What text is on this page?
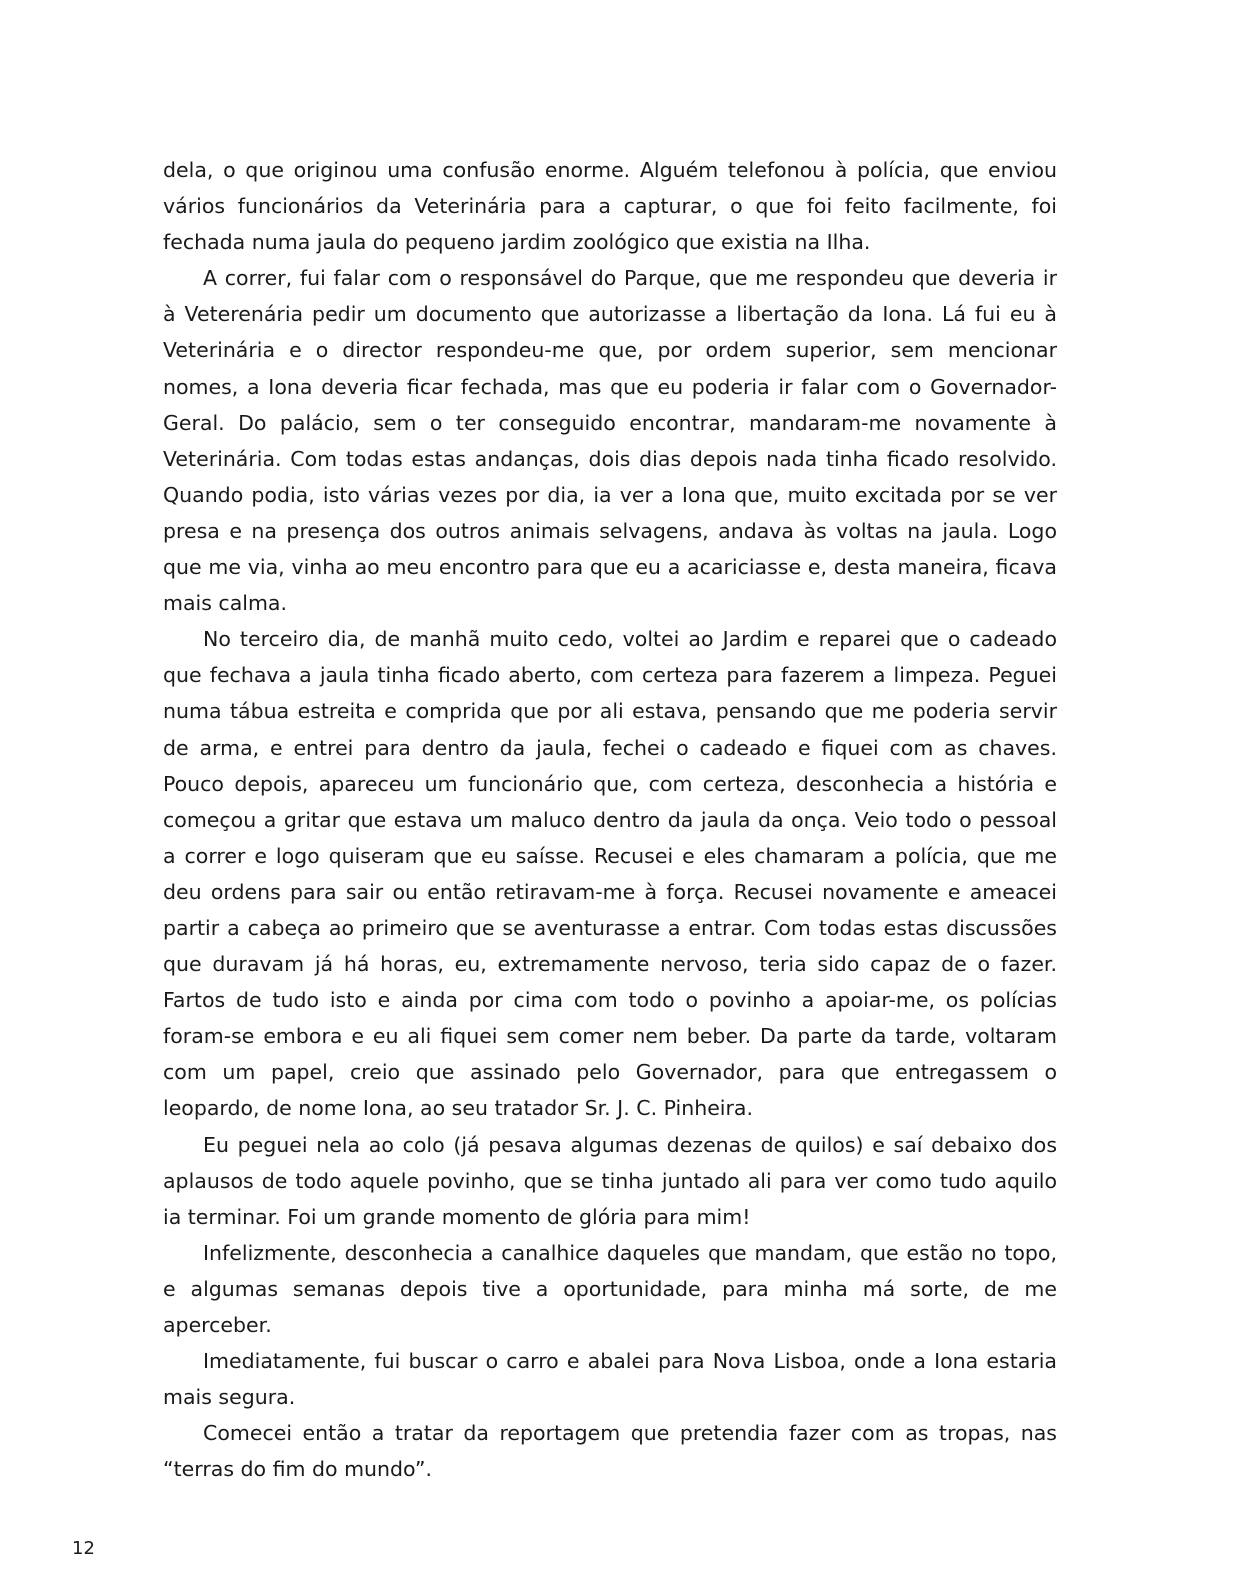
dela, o que originou uma confusão enorme. Alguém telefonou à polícia, que enviou vários funcionários da Veterinária para a capturar, o que foi feito facilmente, foi fechada numa jaula do pequeno jardim zoológico que existia na Ilha.

A correr, fui falar com o responsável do Parque, que me respondeu que deveria ir à Veterenária pedir um documento que autorizasse a libertação da Iona. Lá fui eu à Veterinária e o director respondeu-me que, por ordem superior, sem mencionar nomes, a Iona deveria ficar fechada, mas que eu poderia ir falar com o Governador-Geral. Do palácio, sem o ter conseguido encontrar, mandaram-me novamente à Veterinária. Com todas estas andanças, dois dias depois nada tinha ficado resolvido. Quando podia, isto várias vezes por dia, ia ver a Iona que, muito excitada por se ver presa e na presença dos outros animais selvagens, andava às voltas na jaula. Logo que me via, vinha ao meu encontro para que eu a acariciasse e, desta maneira, ficava mais calma.

No terceiro dia, de manhã muito cedo, voltei ao Jardim e reparei que o cadeado que fechava a jaula tinha ficado aberto, com certeza para fazerem a limpeza. Peguei numa tábua estreita e comprida que por ali estava, pensando que me poderia servir de arma, e entrei para dentro da jaula, fechei o cadeado e fiquei com as chaves. Pouco depois, apareceu um funcionário que, com certeza, desconhecia a história e começou a gritar que estava um maluco dentro da jaula da onça. Veio todo o pessoal a correr e logo quiseram que eu saísse. Recusei e eles chamaram a polícia, que me deu ordens para sair ou então retiravam-me à força. Recusei novamente e ameacei partir a cabeça ao primeiro que se aventurasse a entrar. Com todas estas discussões que duravam já há horas, eu, extremamente nervoso, teria sido capaz de o fazer. Fartos de tudo isto e ainda por cima com todo o povinho a apoiar-me, os polícias foram-se embora e eu ali fiquei sem comer nem beber. Da parte da tarde, voltaram com um papel, creio que assinado pelo Governador, para que entregassem o leopardo, de nome Iona, ao seu tratador Sr. J. C. Pinheira.

Eu peguei nela ao colo (já pesava algumas dezenas de quilos) e saí debaixo dos aplausos de todo aquele povinho, que se tinha juntado ali para ver como tudo aquilo ia terminar. Foi um grande momento de glória para mim!

Infelizmente, desconhecia a canalhice daqueles que mandam, que estão no topo, e algumas semanas depois tive a oportunidade, para minha má sorte, de me aperceber.

Imediatamente, fui buscar o carro e abalei para Nova Lisboa, onde a Iona estaria mais segura.

Comecei então a tratar da reportagem que pretendia fazer com as tropas, nas “terras do fim do mundo”.

12
